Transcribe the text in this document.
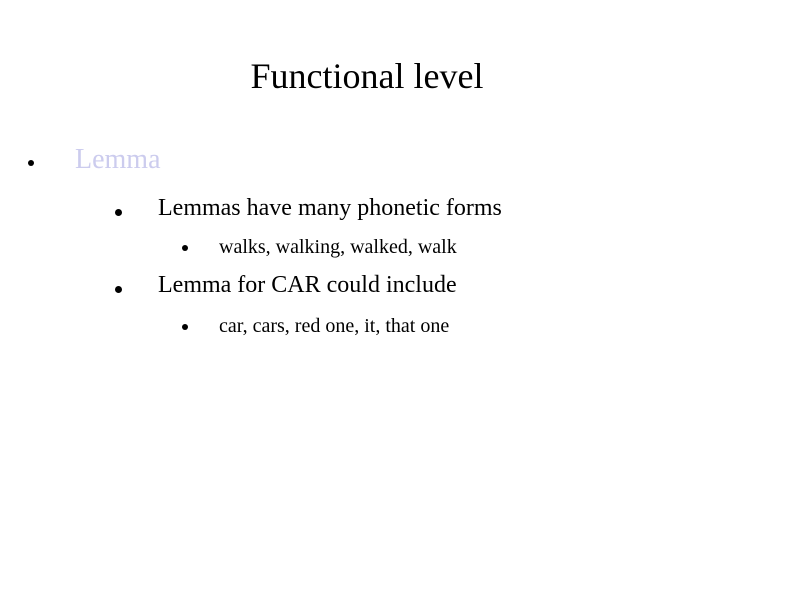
Functional level
Lemma
Lemmas have many phonetic forms
walks, walking, walked, walk
Lemma for CAR could include
car, cars, red one, it, that one
